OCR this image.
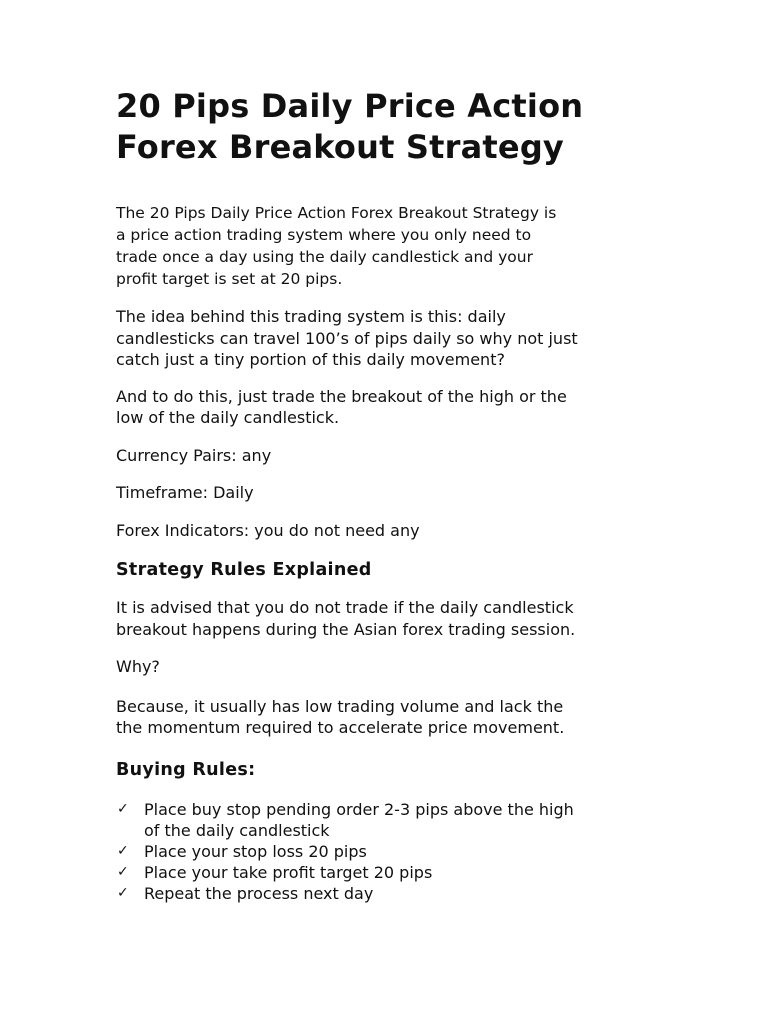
20 Pips Daily Price Action
Forex Breakout Strategy

The 20 Pips Daily Price Action Forex Breakout Strategy is
a price action trading system where you only need to
trade once a day using the daily candlestick and your
profit target is set at 20 pips.

The idea behind this trading system is this: daily
candlesticks can travel 100’s of pips daily so why not just
catch just a tiny portion of this daily movement?

And to do this, just trade the breakout of the high or the
low of the daily candlestick.

Currency Pairs: any

Timeframe: Daily

Forex Indicators: you do not need any

Strategy Rules Explained

It is advised that you do not trade if the daily candlestick
breakout happens during the Asian forex trading session.

Why?

Because, it usually has low trading volume and lack the
the momentum required to accelerate price movement.

Buying Rules:
✓ Place buy stop pending order 2-3 pips above the high
of the daily candlestick
✓ Place your stop loss 20 pips
✓ Place your take profit target 20 pips
✓ Repeat the process next day
